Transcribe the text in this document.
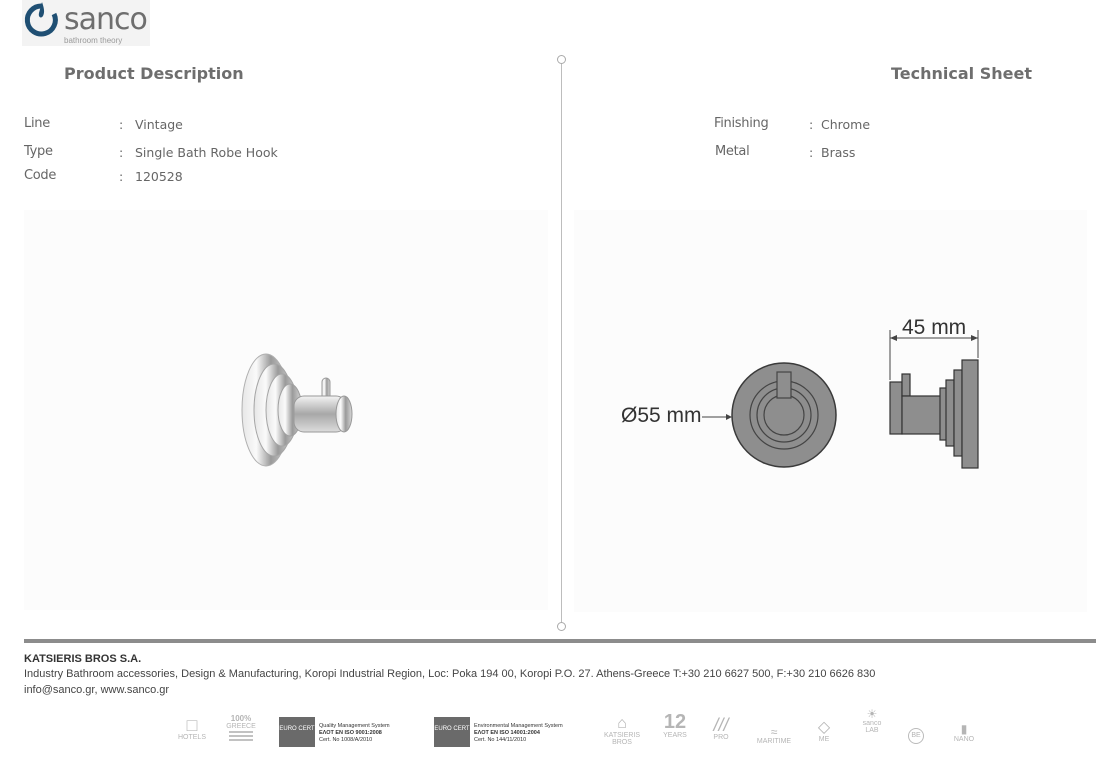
sanco
bathroom theory
Product Description	Technical Sheet
Line	: Vintage
Type	: Single Bath Robe Hook
Code	: 120528
Finishing	: Chrome
Metal	: Brass
Ø55 mm
45 mm
KATSIERIS BROS S.A.
Industry Bathroom accessories, Design & Manufacturing, Koropi Industrial Region, Loc: Poka 194 00, Koropi P.O. 27. Athens-Greece T:+30 210 6627 500, F:+30 210 6626 830
info@sanco.gr, www.sanco.gr
□
HOTELS
100%
GREECE	EURO CERT Quality Management System
ΕΛΟΤ ΕΝ ISO 9001:2008
Cert. No 1008/Α/2010
EURO CERT Environmental Management System
ΕΛΟΤ ΕΝ ISO 14001:2004
Cert. No 144/11/2010
⌂
KATSIERIS BROS
12
YEARS
///
PRO	≈
MARITIME
◇
ME
☀
sanco LAB
BE	▮
NANO
